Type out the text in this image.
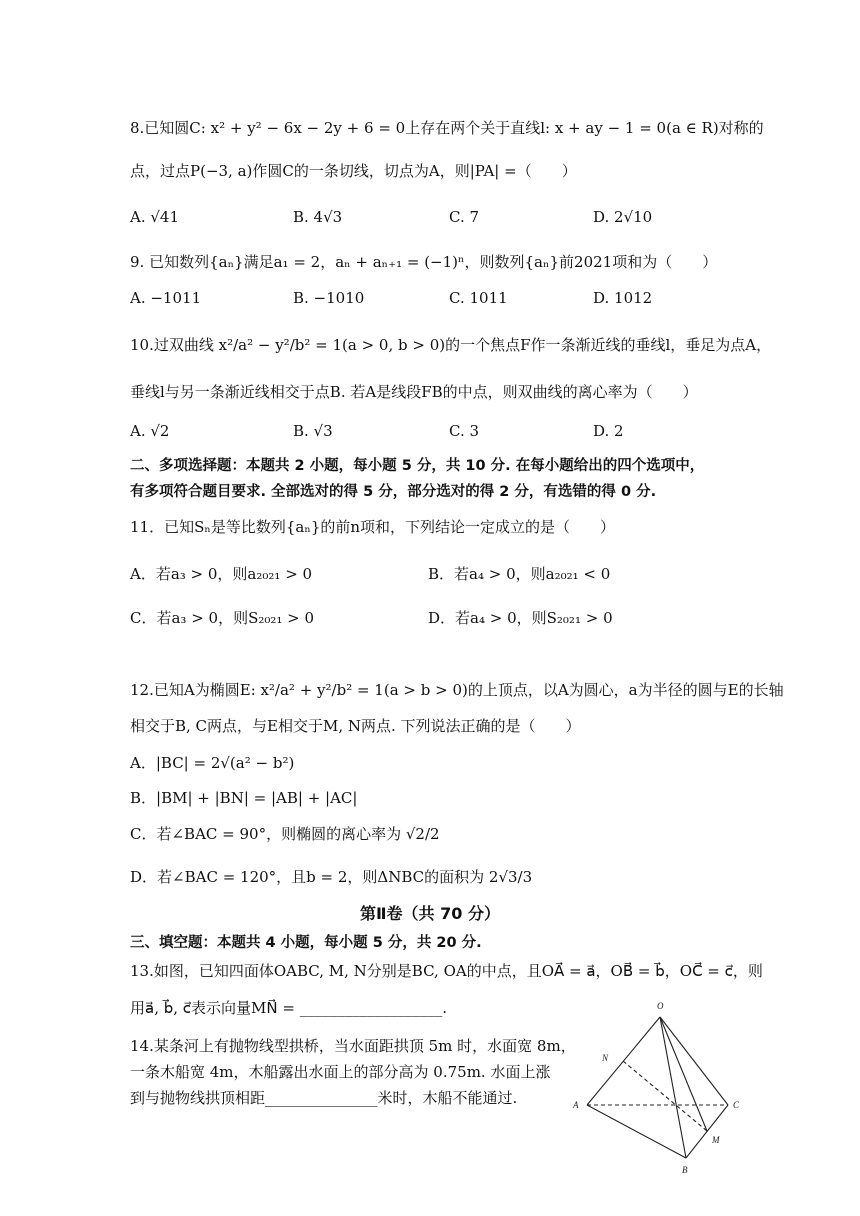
8.已知圆C: x² + y² − 6x − 2y + 6 = 0上存在两个关于直线l: x + ay − 1 = 0(a ∈ R)对称的
点，过点P(−3, a)作圆C的一条切线，切点为A，则|PA| =（　　）
A. √41	B. 4√3	C. 7	D. 2√10
9. 已知数列{aₙ}满足a₁ = 2，aₙ + aₙ₊₁ = (−1)ⁿ，则数列{aₙ}前2021项和为（　　）
A. −1011	B. −1010	C. 1011	D. 1012
10.过双曲线 x²/a² − y²/b² = 1(a > 0, b > 0)的一个焦点F作一条渐近线的垂线l，垂足为点A，
垂线l与另一条渐近线相交于点B. 若A是线段FB的中点，则双曲线的离心率为（　　）
A. √2	B. √3	C. 3	D. 2
二、多项选择题：本题共 2 小题，每小题 5 分，共 10 分. 在每小题给出的四个选项中，
有多项符合题目要求. 全部选对的得 5 分，部分选对的得 2 分，有选错的得 0 分.
11．已知Sₙ是等比数列{aₙ}的前n项和，下列结论一定成立的是（　　）
A．若a₃ > 0，则a₂₀₂₁ > 0	B．若a₄ > 0，则a₂₀₂₁ < 0
C．若a₃ > 0，则S₂₀₂₁ > 0	D．若a₄ > 0，则S₂₀₂₁ > 0
12.已知A为椭圆E: x²/a² + y²/b² = 1(a > b > 0)的上顶点，以A为圆心，a为半径的圆与E的长轴
相交于B, C两点，与E相交于M, N两点. 下列说法正确的是（　　）
A．|BC| = 2√(a² − b²)
B．|BM| + |BN| = |AB| + |AC|
C．若∠BAC = 90°，则椭圆的离心率为 √2/2
D．若∠BAC = 120°，且b = 2，则ΔNBC的面积为 2√3/3
第Ⅱ卷（共 70 分）
三、填空题：本题共 4 小题，每小题 5 分，共 20 分.
13.如图，已知四面体OABC, M, N分别是BC, OA的中点，且OA⃗ = a⃗，OB⃗ = b⃗，OC⃗ = c⃗，则
用a⃗, b⃗, c⃗表示向量MN⃗ = ___________________.
14.某条河上有抛物线型拱桥，当水面距拱顶 5m 时，水面宽 8m，
一条木船宽 4m，木船露出水面上的部分高为 0.75m. 水面上涨
到与抛物线拱顶相距_______________米时，木船不能通过.
O
N
A	C
M
B
